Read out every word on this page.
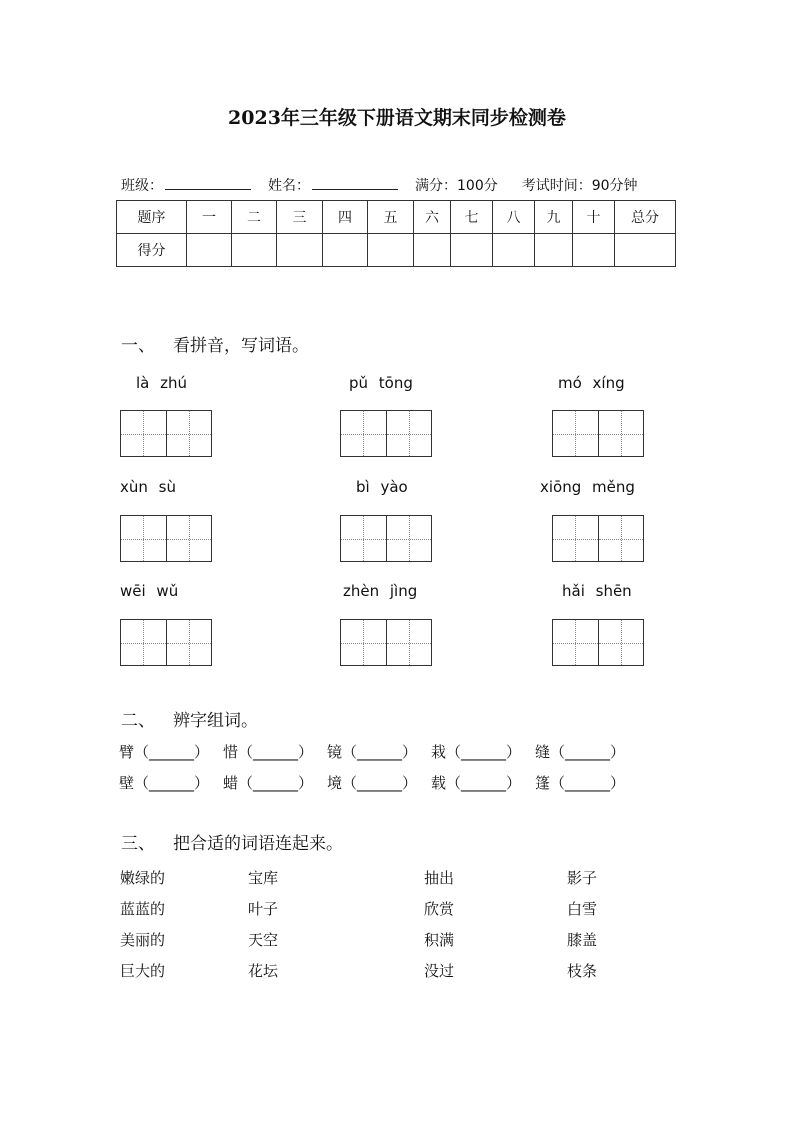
2023年三年级下册语文期末同步检测卷
班级：	姓名：	满分：100分 考试时间：90分钟
题序	一	二	三	四	五	六	七	八	九	十	总分
得分											
一、 看拼音，写词语。
là zhú	pǔ tōng	mó xíng
xùn sù	bì yào	xiōng měng
wēi wǔ	zhèn jìng	hǎi shēn
二、 辨字组词。
臂（______） 惜（______） 镜（______） 栽（______） 缝（______）
壁（______） 蜡（______） 境（______） 载（______） 篷（______）
三、 把合适的词语连起来。
嫩绿的	宝库	抽出	影子
蓝蓝的	叶子	欣赏	白雪
美丽的	天空	积满	膝盖
巨大的	花坛	没过	枝条
